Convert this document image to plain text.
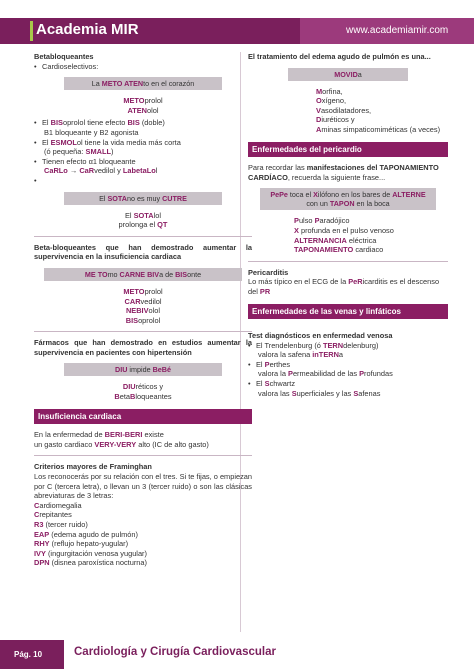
Academia MIR	www.academiamir.com
Betabloqueantes
• Cardioselectivos:
La METO ATENto en el corazón
METOprolol
ATENolol
• El BISoprolol tiene efecto BIS (doble)
B1 bloqueante y B2 agonista
• El ESMOLol tiene la vida media más corta
(ó pequeña: SMALL)
• Tienen efecto α1 bloqueante
CaRLo → CaRvedilol y LabetaLol
•
El SOTAno es muy CUTRE
El SOTAlol
prolonga el QT
Beta-bloqueantes que han demostrado aumentar la supervivencia en la insuficiencia cardiaca
ME TOmo CARNE BIVa de BISonte
METOprolol
CARvedilol
NEBIVolol
BISoprolol
Fármacos que han demostrado en estudios aumentar la supervivencia en pacientes con hipertensión
DIU impide BeBé
DIUréticos y
BetaBloqueantes
Insuficiencia cardiaca
En la enfermedad de BERI-BERI existe
un gasto cardiaco VERY-VERY alto (IC de alto gasto)
Criterios mayores de Framinghan
Los reconocerás por su relación con el tres. Si te fijas, o empiezan por C (tercera letra), o llevan un 3 (tercer ruido) o son las clásicas abreviaturas de 3 letras:
Cardiomegalia
Crepitantes
R3 (tercer ruido)
EAP (edema agudo de pulmón)
RHY (reflujo hepato-yugular)
IVY (ingurgitación venosa yugular)
DPN (disnea paroxística nocturna)
El tratamiento del edema agudo de pulmón es una...
MOVIDa
Morfina,
Oxígeno,
Vasodilatadores,
Diuréticos y
Aminas simpaticomiméticas (a veces)
Enfermedades del pericardio
Para recordar las manifestaciones del TAPONAMIENTO
CARDÍACO, recuerda la siguiente frase...
PePe toca el Xilófono en los bares de ALTERNE
con un TAPON en la boca
Pulso Paradójico
X profunda en el pulso venoso
ALTERNANCIA eléctrica
TAPONAMIENTO cardiaco
Pericarditis
Lo más típico en el ECG de la PeRicarditis es el descenso del PR
Enfermedades de las venas y linfáticos
Test diagnósticos en enfermedad venosa
• El Trendelenburg (ó TERNdelenburg)
valora la safena inTERNa
• El Perthes
valora la Permeabilidad de las Profundas
• El Schwartz
valora las Superficiales y las Safenas
Pág. 10	Cardiología y Cirugía Cardiovascular
